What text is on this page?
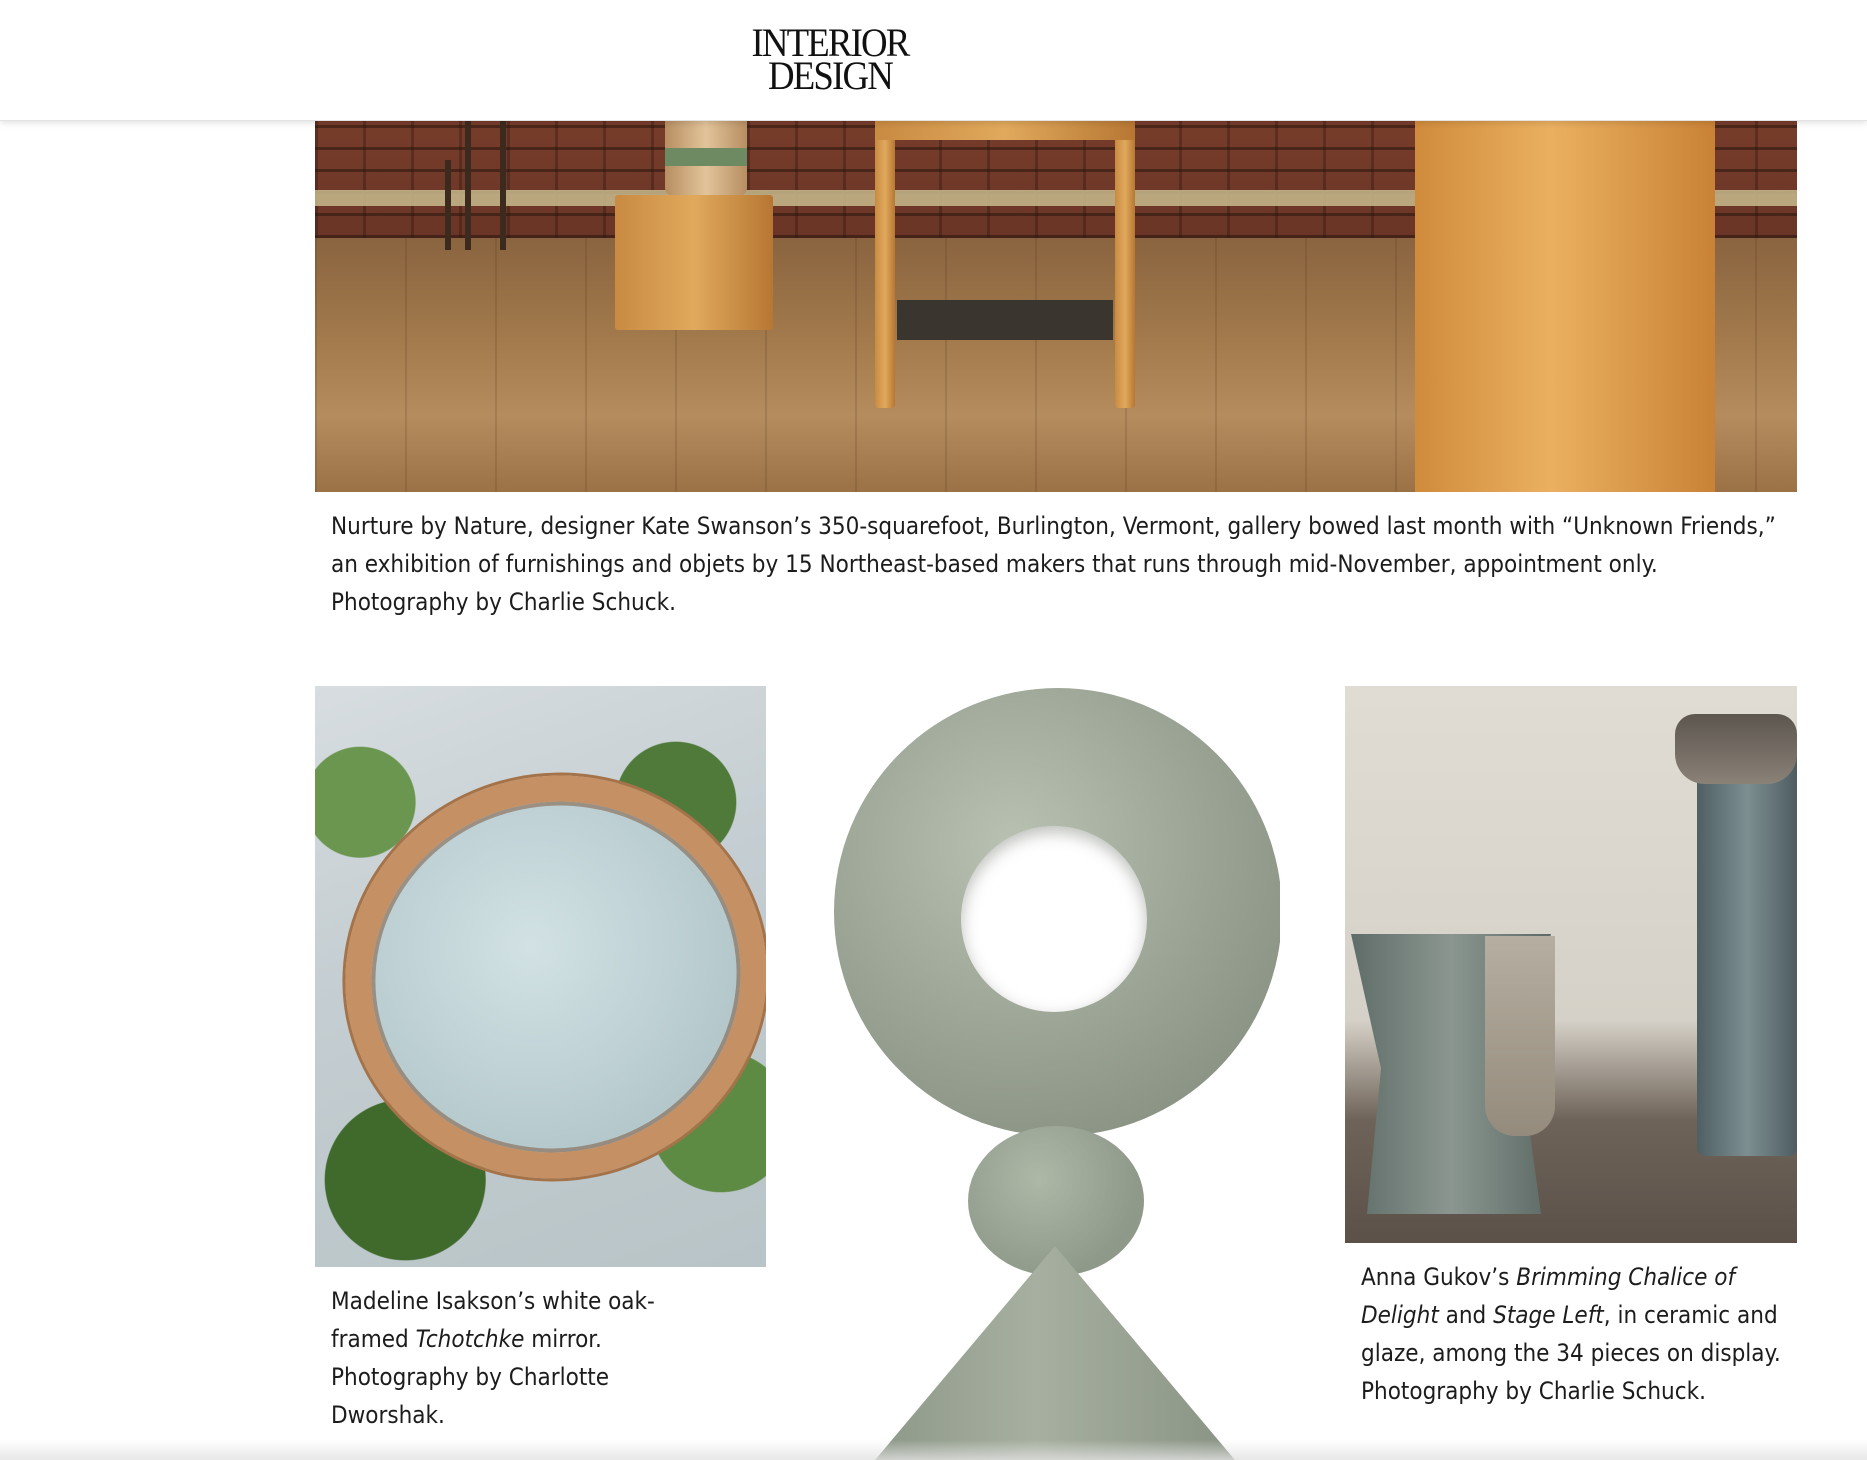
INTERIOR
DESIGN

Nurture by Nature, designer Kate Swanson’s 350-squarefoot, Burlington, Vermont, gallery bowed last month with “Unknown Friends,” an exhibition of furnishings and objets by 15 Northeast-based makers that runs through mid-November, appointment only. Photography by Charlie Schuck.

Madeline Isakson’s white oak-framed Tchotchke mirror. Photography by Charlotte Dworshak.

Anna Gukov’s Brimming Chalice of Delight and Stage Left, in ceramic and glaze, among the 34 pieces on display. Photography by Charlie Schuck.
